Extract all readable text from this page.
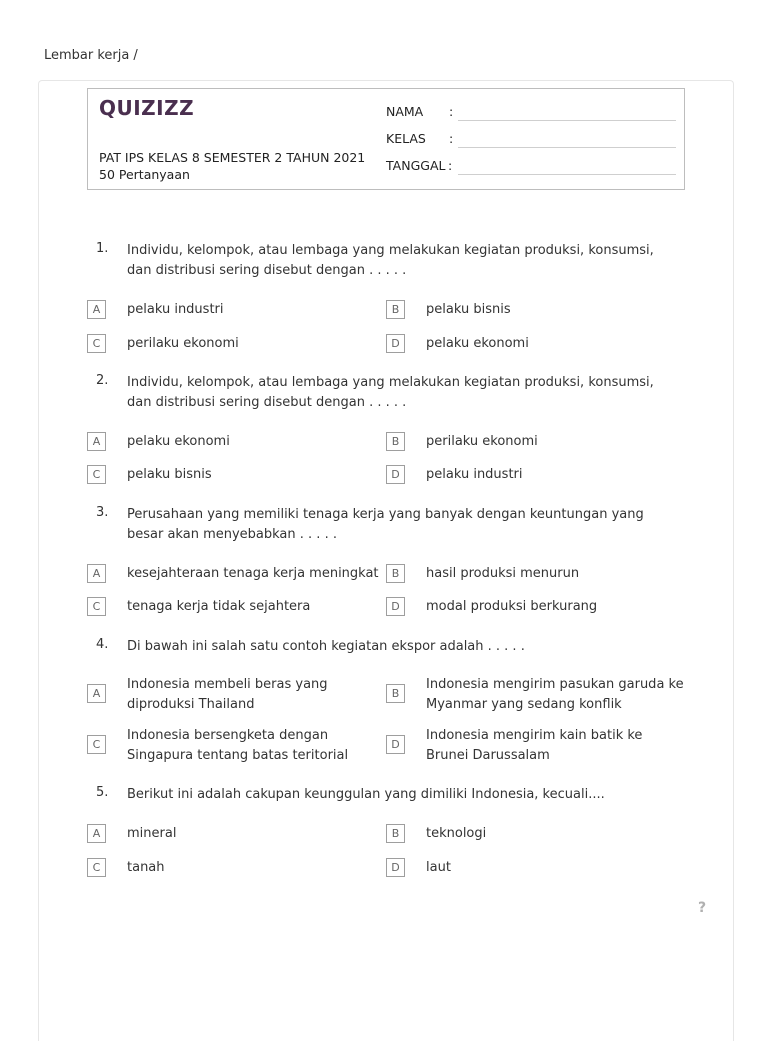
Lembar kerja /
QUIZIZZ
PAT IPS KELAS 8 SEMESTER 2 TAHUN 2021
50 Pertanyaan
NAMA :
KELAS :
TANGGAL :
1. Individu, kelompok, atau lembaga yang melakukan kegiatan produksi, konsumsi, dan distribusi sering disebut dengan . . . . .
A	pelaku industri	B	pelaku bisnis
C	perilaku ekonomi	D	pelaku ekonomi
2. Individu, kelompok, atau lembaga yang melakukan kegiatan produksi, konsumsi, dan distribusi sering disebut dengan . . . . .
A	pelaku ekonomi	B	perilaku ekonomi
C	pelaku bisnis	D	pelaku industri
3. Perusahaan yang memiliki tenaga kerja yang banyak dengan keuntungan yang besar akan menyebabkan . . . . .
A	kesejahteraan tenaga kerja meningkat	B	hasil produksi menurun
C	tenaga kerja tidak sejahtera	D	modal produksi berkurang
4. Di bawah ini salah satu contoh kegiatan ekspor adalah . . . . .
A
Indonesia membeli beras yang diproduksi Thailand
B
Indonesia mengirim pasukan garuda ke Myanmar yang sedang konflik
C
Indonesia bersengketa dengan Singapura tentang batas teritorial
D
Indonesia mengirim kain batik ke Brunei Darussalam
5. Berikut ini adalah cakupan keunggulan yang dimiliki Indonesia, kecuali....
A	mineral	B	teknologi
C	tanah	D	laut
?
